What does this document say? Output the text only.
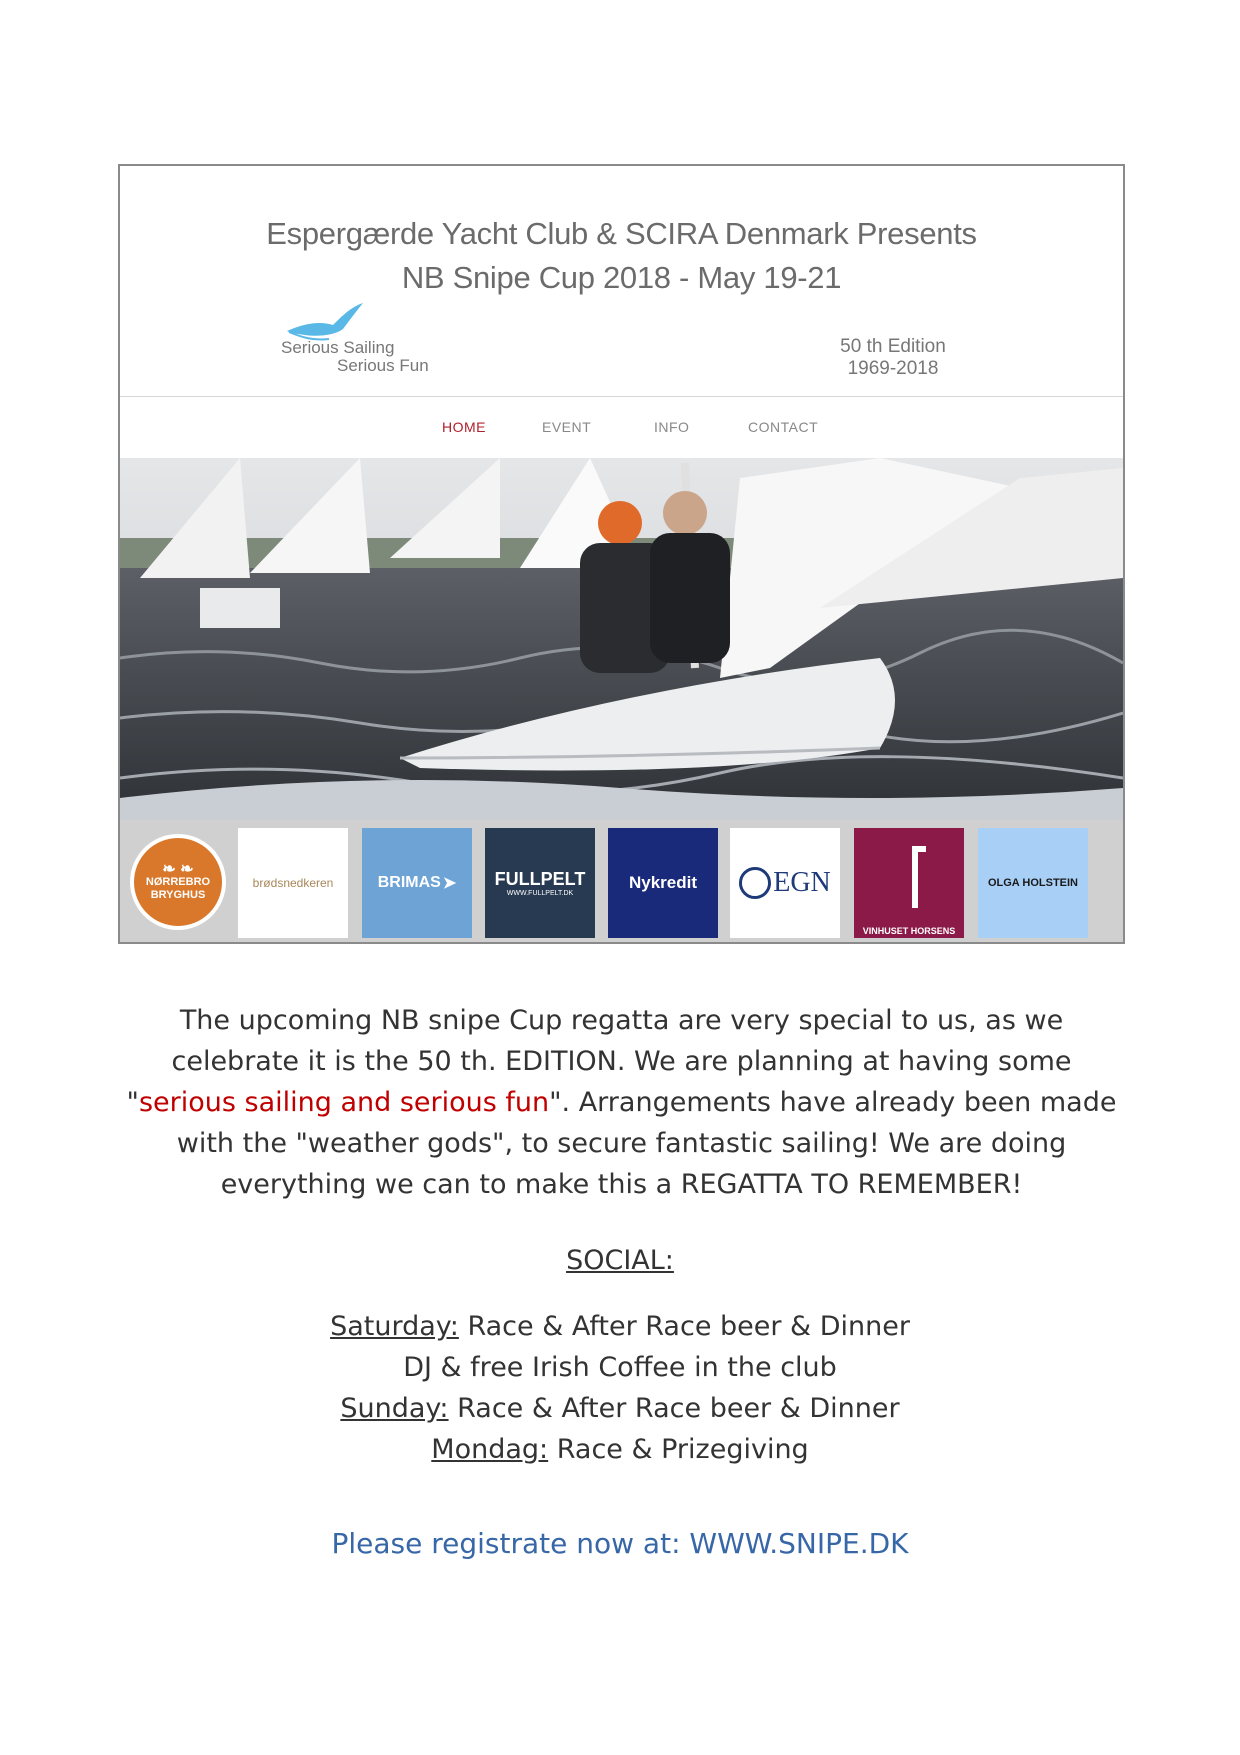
Espergærde Yacht Club & SCIRA Denmark Presents
NB Snipe Cup 2018 - May 19-21
Serious Sailing
Serious Fun
50 th Edition
1969-2018
HOME	EVENT	INFO	CONTACT
❧ ❧
NØRREBRO
BRYGHUS
brødsnedkeren	BRIMAS ➤ FULLPELT
WWW.FULLPELT.DK
Nykredit	EGN
VINHUSET HORSENS
OLGA HOLSTEIN
The upcoming NB snipe Cup regatta are very special to us, as we celebrate it is the 50 th. EDITION. We are planning at having some "serious sailing and serious fun". Arrangements have already been made with the "weather gods", to secure fantastic sailing! We are doing everything we can to make this a REGATTA TO REMEMBER!
SOCIAL:
Saturday: Race & After Race beer & Dinner
DJ & free Irish Coffee in the club
Sunday: Race & After Race beer & Dinner
Mondag: Race & Prizegiving
Please registrate now at: WWW.SNIPE.DK
